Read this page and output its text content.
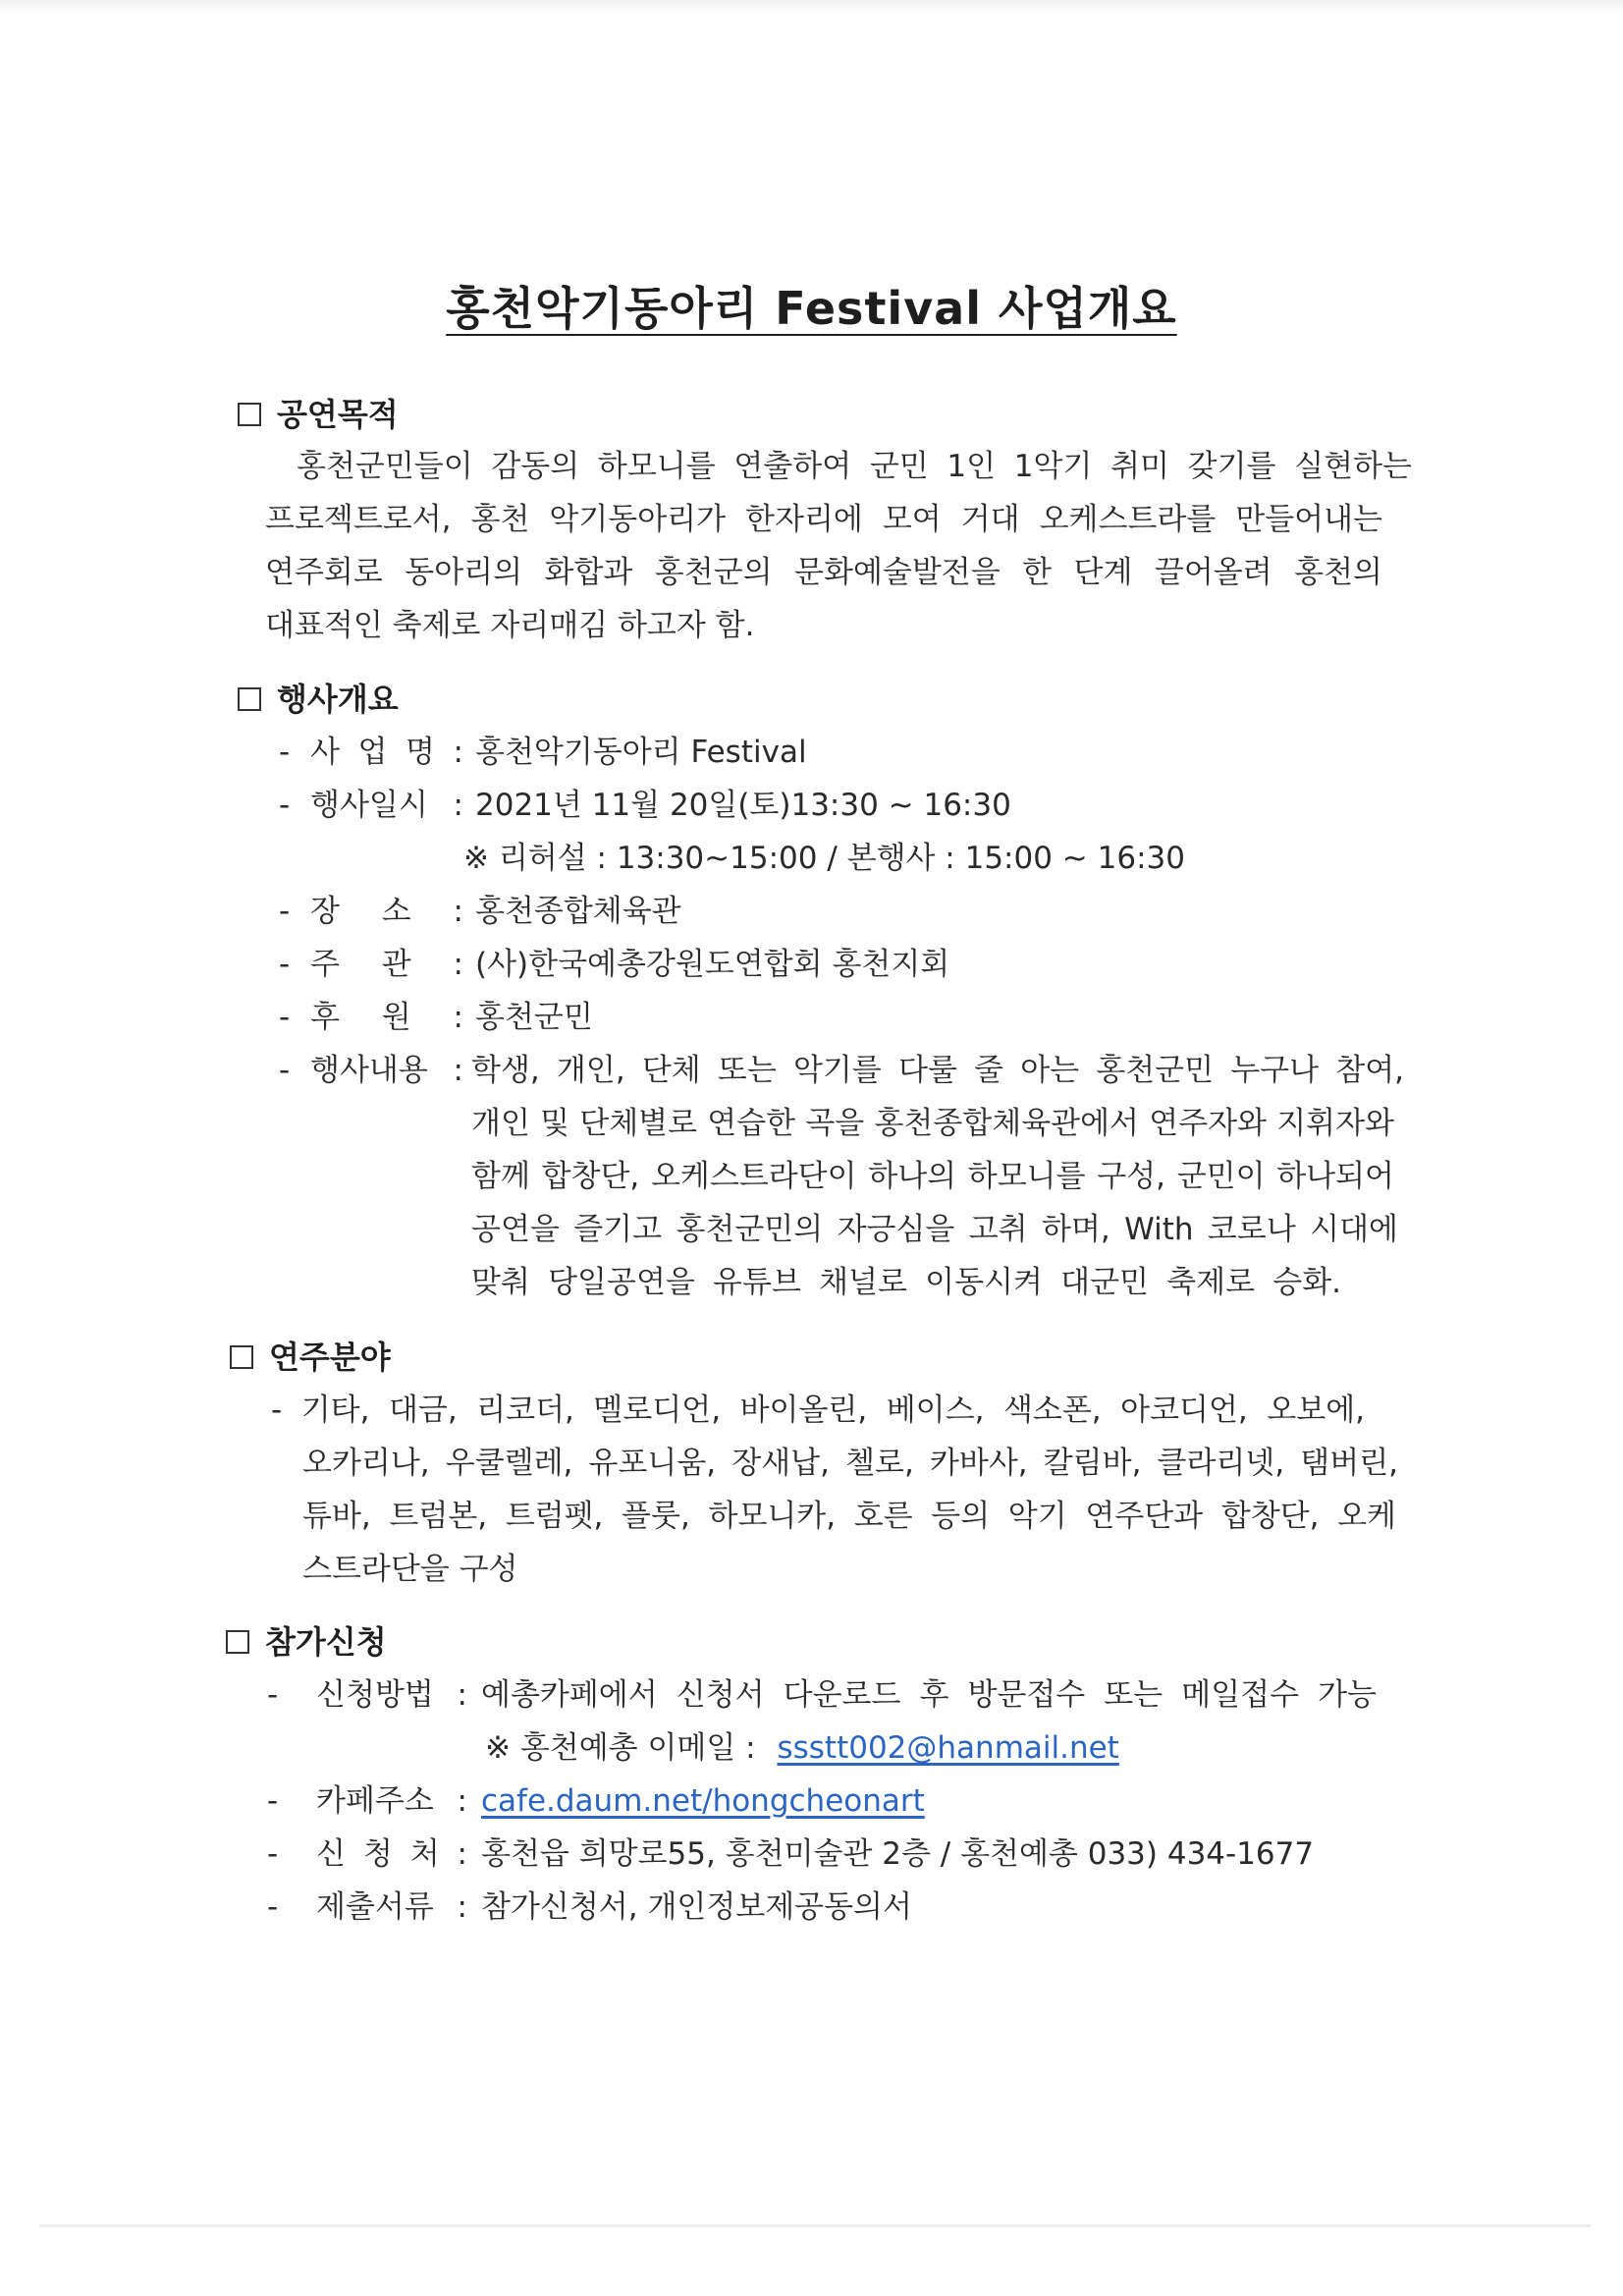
홍천악기동아리 Festival 사업개요
공연목적
홍천군민들이 감동의 하모니를 연출하여 군민 1인 1악기 취미 갖기를 실현하는
프로젝트로서, 홍천 악기동아리가 한자리에 모여 거대 오케스트라를 만들어내는
연주회로 동아리의 화합과 홍천군의 문화예술발전을 한 단계 끌어올려 홍천의
대표적인 축제로 자리매김 하고자 함.
행사개요
- 사 업 명 : 홍천악기동아리 Festival
- 행사일시 : 2021년 11월 20일(토)13:30 ~ 16:30
※ 리허설 : 13:30~15:00 / 본행사 : 15:00 ~ 16:30
- 장 소 : 홍천종합체육관
- 주 관 : (사)한국예총강원도연합회 홍천지회
- 후 원 : 홍천군민
- 행사내용 : 학생, 개인, 단체 또는 악기를 다룰 줄 아는 홍천군민 누구나 참여,
개인 및 단체별로 연습한 곡을 홍천종합체육관에서 연주자와 지휘자와
함께 합창단, 오케스트라단이 하나의 하모니를 구성, 군민이 하나되어
공연을 즐기고 홍천군민의 자긍심을 고취 하며, With 코로나 시대에
맞춰 당일공연을 유튜브 채널로 이동시켜 대군민 축제로 승화.
연주분야
- 기타, 대금, 리코더, 멜로디언, 바이올린, 베이스, 색소폰, 아코디언, 오보에,
오카리나, 우쿨렐레, 유포니움, 장새납, 첼로, 카바사, 칼림바, 클라리넷, 탬버린,
튜바, 트럼본, 트럼펫, 플룻, 하모니카, 호른 등의 악기 연주단과 합창단, 오케
스트라단을 구성
참가신청
- 신청방법 : 예총카페에서 신청서 다운로드 후 방문접수 또는 메일접수 가능
※ 홍천예총 이메일 : ssstt002@hanmail.net
- 카페주소 : cafe.daum.net/hongcheonart
- 신 청 처 : 홍천읍 희망로55, 홍천미술관 2층 / 홍천예총 033) 434-1677
- 제출서류 : 참가신청서, 개인정보제공동의서
